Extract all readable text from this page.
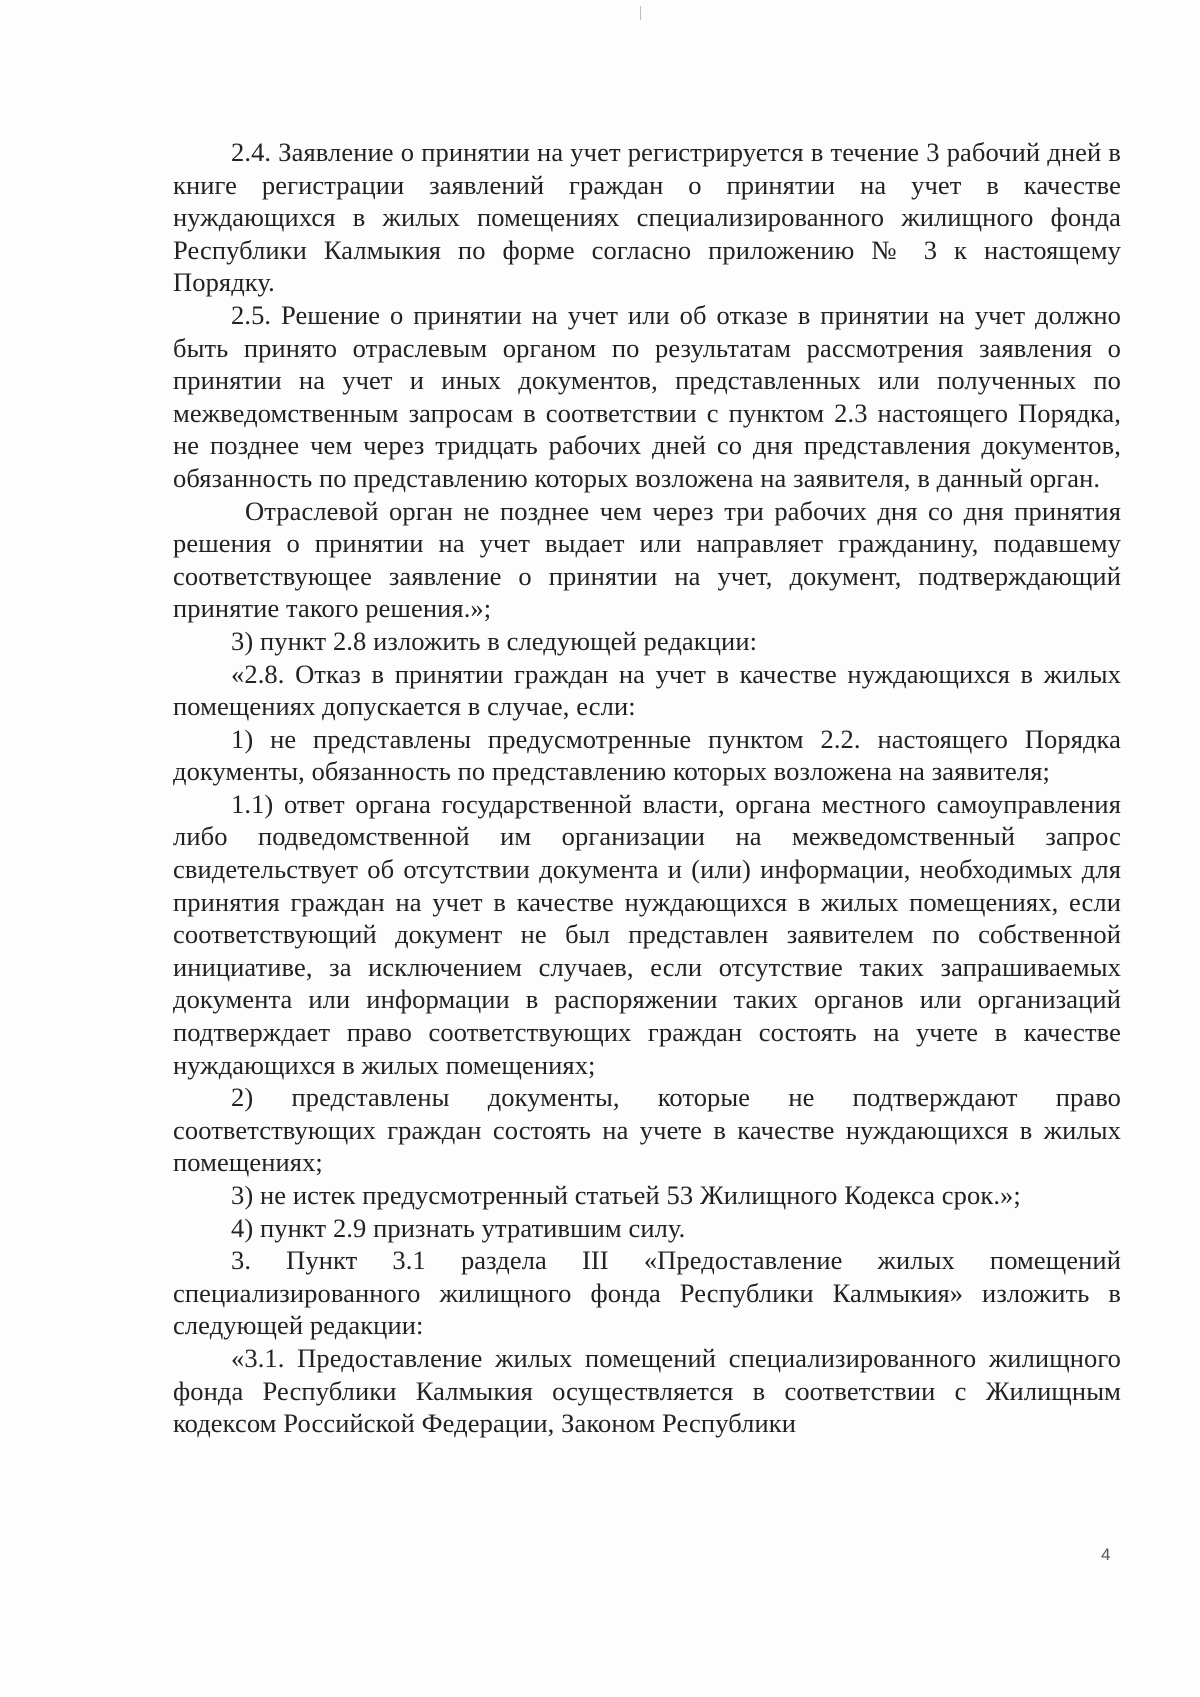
2.4. Заявление о принятии на учет регистрируется в течение 3 рабочий дней в книге регистрации заявлений граждан о принятии на учет в качестве нуждающихся в жилых помещениях специализированного жилищного фонда Республики Калмыкия по форме согласно приложению № 3 к настоящему Порядку.

2.5. Решение о принятии на учет или об отказе в принятии на учет должно быть принято отраслевым органом по результатам рассмотрения заявления о принятии на учет и иных документов, представленных или полученных по межведомственным запросам в соответствии с пунктом 2.3 настоящего Порядка, не позднее чем через тридцать рабочих дней со дня представления документов, обязанность по представлению которых возложена на заявителя, в данный орган.

Отраслевой орган не позднее чем через три рабочих дня со дня принятия решения о принятии на учет выдает или направляет гражданину, подавшему соответствующее заявление о принятии на учет, документ, подтверждающий принятие такого решения.»;

3) пункт 2.8 изложить в следующей редакции:

«2.8. Отказ в принятии граждан на учет в качестве нуждающихся в жилых помещениях допускается в случае, если:

1) не представлены предусмотренные пунктом 2.2. настоящего Порядка документы, обязанность по представлению которых возложена на заявителя;

1.1) ответ органа государственной власти, органа местного самоуправления либо подведомственной им организации на межведомственный запрос свидетельствует об отсутствии документа и (или) информации, необходимых для принятия граждан на учет в качестве нуждающихся в жилых помещениях, если соответствующий документ не был представлен заявителем по собственной инициативе, за исключением случаев, если отсутствие таких запрашиваемых документа или информации в распоряжении таких органов или организаций подтверждает право соответствующих граждан состоять на учете в качестве нуждающихся в жилых помещениях;

2) представлены документы, которые не подтверждают право соответствующих граждан состоять на учете в качестве нуждающихся в жилых помещениях;

3) не истек предусмотренный статьей 53 Жилищного Кодекса срок.»;

4) пункт 2.9 признать утратившим силу.

3. Пункт 3.1 раздела III «Предоставление жилых помещений специализированного жилищного фонда Республики Калмыкия» изложить в следующей редакции:

«3.1. Предоставление жилых помещений специализированного жилищного фонда Республики Калмыкия осуществляется в соответствии с Жилищным кодексом Российской Федерации, Законом Республики

4
